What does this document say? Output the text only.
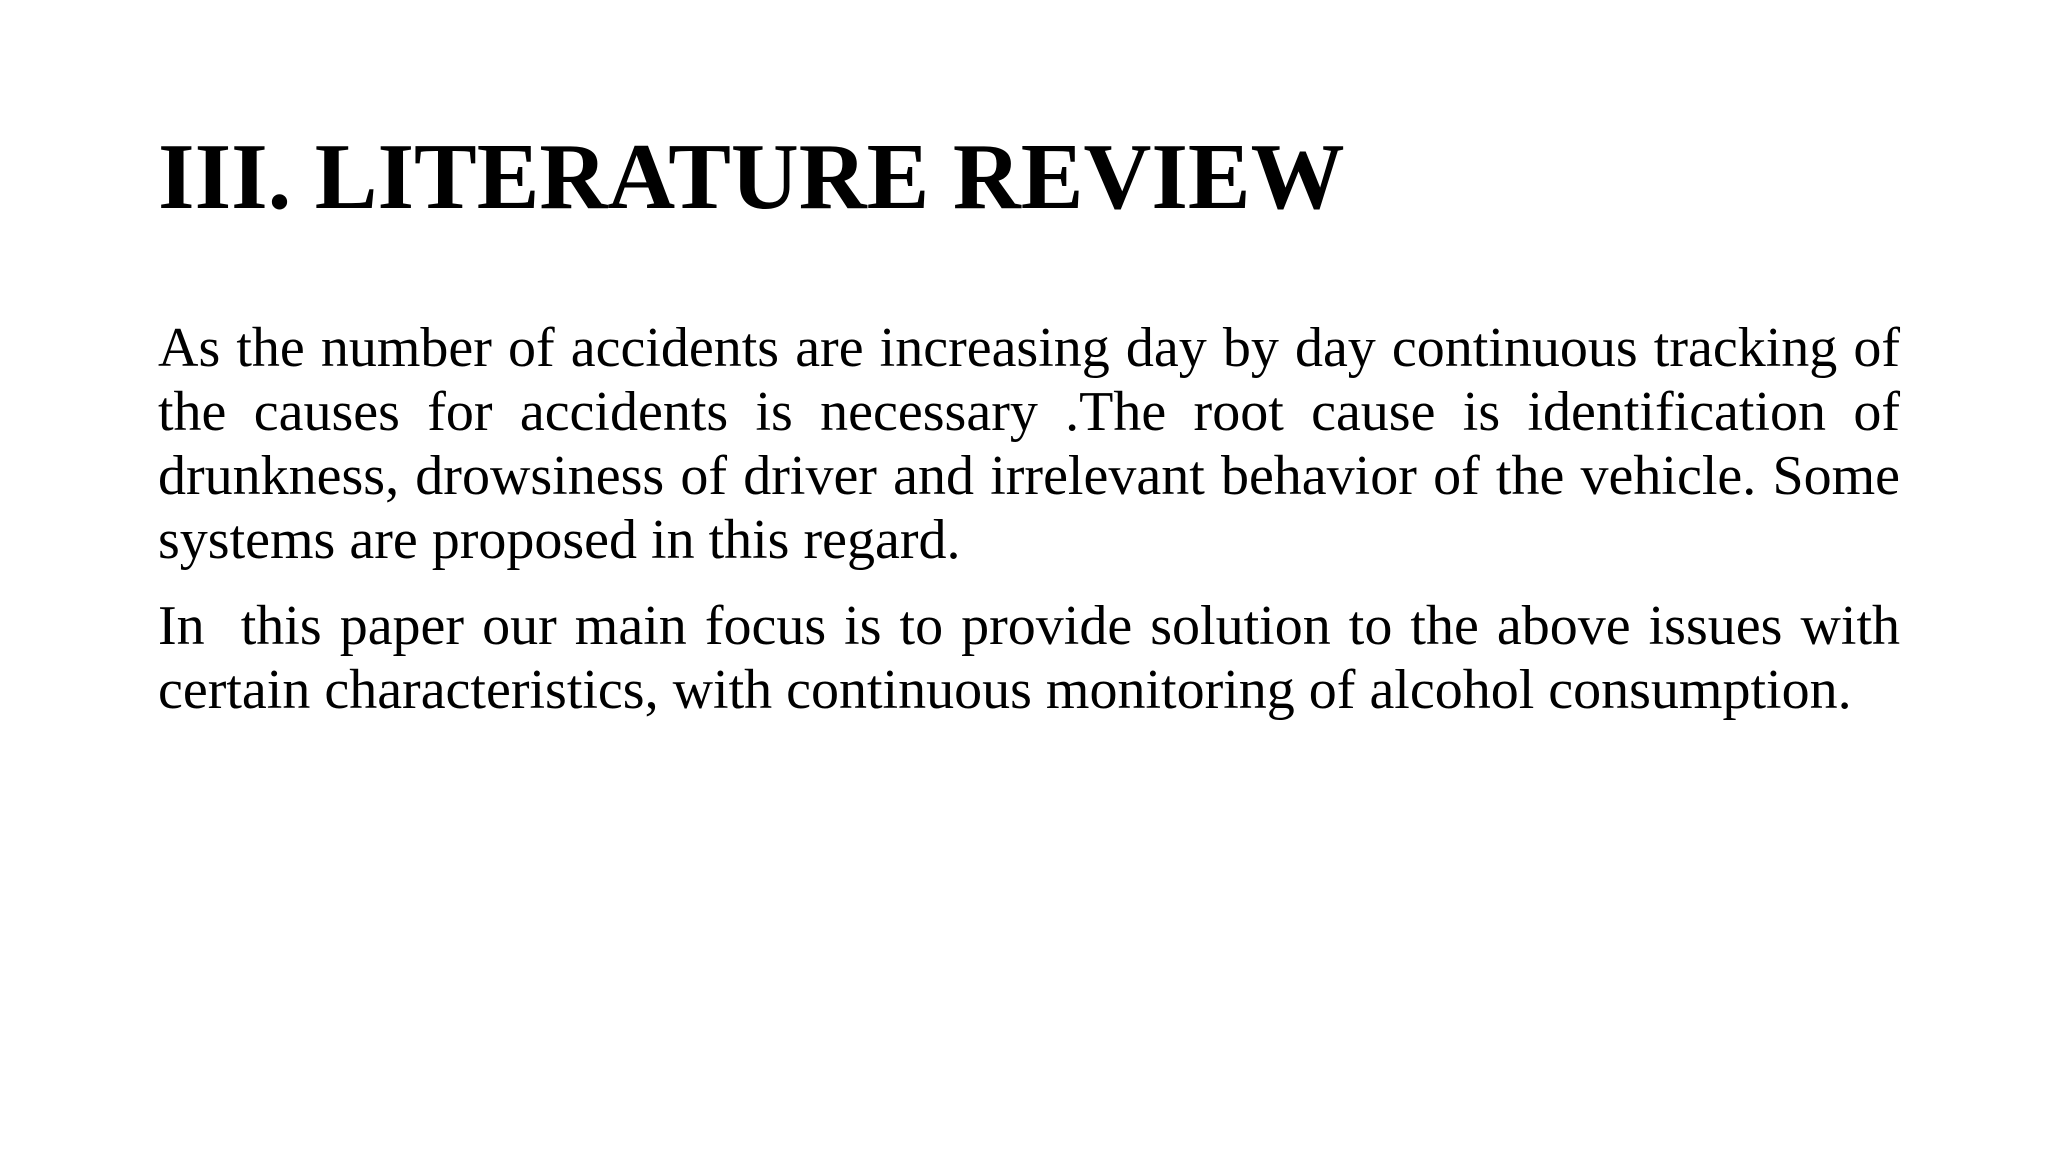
III. LITERATURE REVIEW

As the number of accidents are increasing day by day continuous tracking of the causes for accidents is necessary .The root cause is identification of drunkness, drowsiness of driver and irrelevant behavior of the vehicle. Some systems are proposed in this regard.

In  this paper our main focus is to provide solution to the above issues with certain characteristics, with continuous monitoring of alcohol consumption.
